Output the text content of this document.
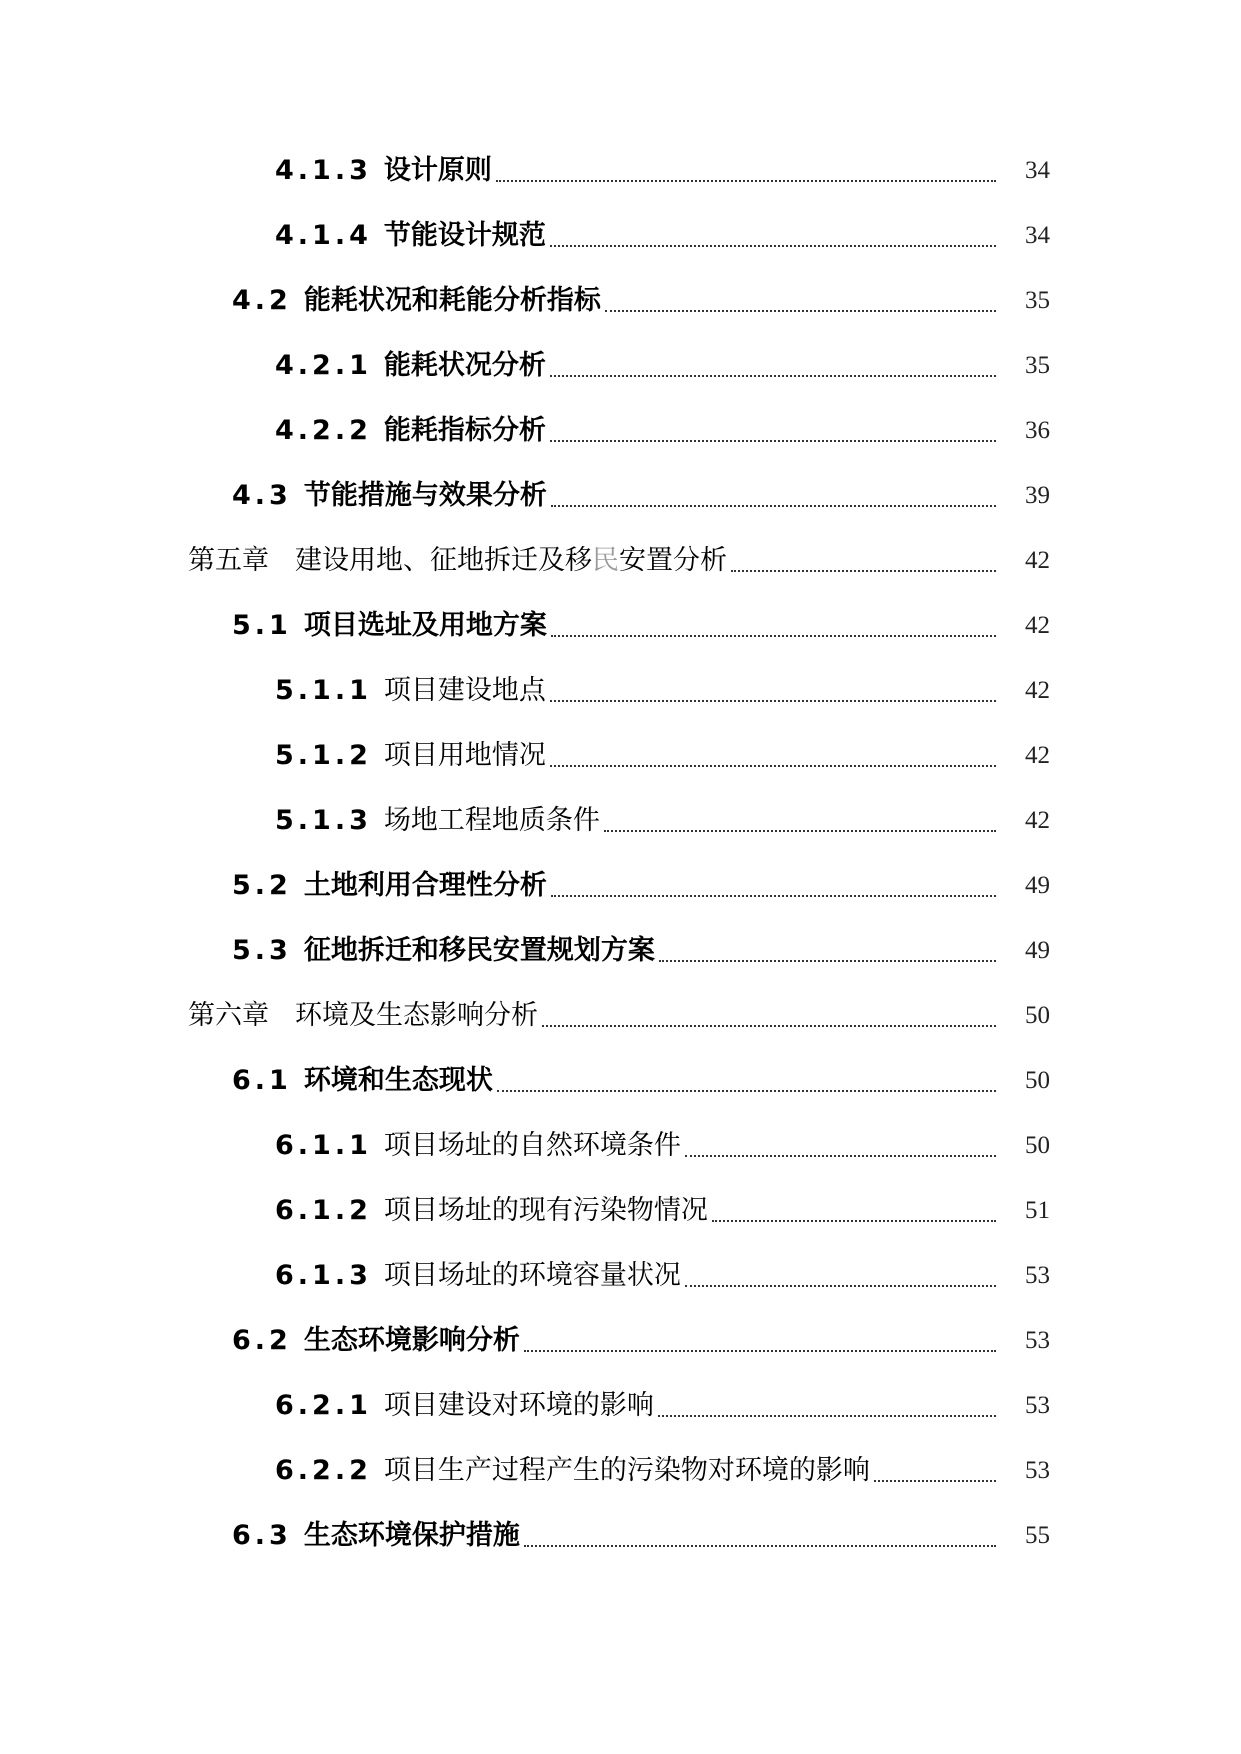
4.1.3 设计原则	34
4.1.4 节能设计规范	34
4.2 能耗状况和耗能分析指标	35
4.2.1 能耗状况分析	35
4.2.2 能耗指标分析	36
4.3 节能措施与效果分析	39
第五章 建设用地、征地拆迁及移民安置分析	42
5.1 项目选址及用地方案	42
5.1.1 项目建设地点	42
5.1.2 项目用地情况	42
5.1.3 场地工程地质条件	42
5.2 土地利用合理性分析	49
5.3 征地拆迁和移民安置规划方案	49
第六章 环境及生态影响分析	50
6.1 环境和生态现状	50
6.1.1 项目场址的自然环境条件	50
6.1.2 项目场址的现有污染物情况	51
6.1.3 项目场址的环境容量状况	53
6.2 生态环境影响分析	53
6.2.1 项目建设对环境的影响	53
6.2.2 项目生产过程产生的污染物对环境的影响	53
6.3 生态环境保护措施	55
